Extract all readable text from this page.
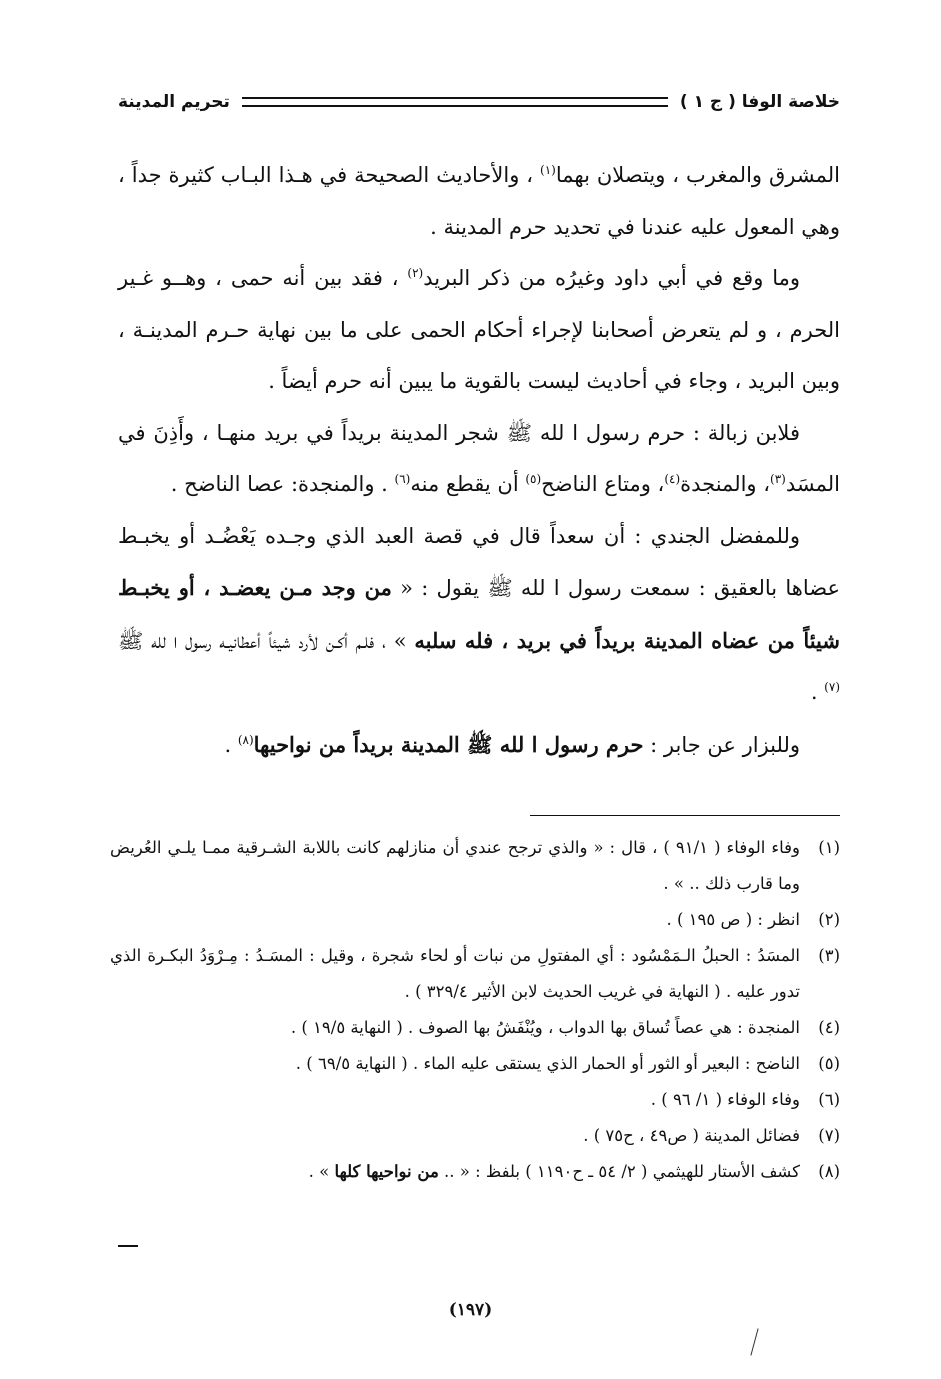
خلاصة الوفا ( ج ١ )
تحريم المدينة

المشرق والمغرب ، ويتصلان بهما$^{(١)}$ ، والأحاديث الصحيحة في هـذا البـاب كثيرة جداً ، وهي المعول عليه عندنا في تحديد حرم المدينة .

وما وقع في أبي داود وغيرُه من ذكر البريد$^{(٢)}$ ، فقد بين أنه حمى ، وهــو غـير الحرم ، و لم يتعرض أصحابنا لإجراء أحكام الحمى على ما بين نهاية حـرم المدينـة ، وبين البريد ، وجاء في أحاديث ليست بالقوية ما يبين أنه حرم أيضاً .

فلابن زبالة : حرم رسول ا لله ﷺ شجر المدينة بريداً في بريد منهـا ، وأَذِنَ في المسَد$^{(٣)}$، والمنجدة$^{(٤)}$، ومتاع الناضح$^{(٥)}$ أن يقطع منه$^{(٦)}$ . والمنجدة: عصا الناضح .

وللمفضل الجندي : أن سعداً قال في قصة العبد الذي وجـده يَعْضُـد أو يخبـط عضاها بالعقيق : سمعت رسول ا لله ﷺ يقول : « من وجد مـن يعضـد ، أو يخبـط شيئاً من عضاه المدينة بريداً في بريد ، فله سلبه » ، فلـم أكـن لأرد شيئاً أعطانيـه رسول ا لله ﷺ $^{(٧)}$ .

وللبزار عن جابر : حرم رسول ا لله ﷺ المدينة بريداً من نواحيها$^{(٨)}$ .

(١)
وفاء الوفاء ( ٩١/١ ) ، قال : « والذي ترجح عندي أن منازلهم كانت باللابة الشـرقية ممـا يلـي العُريض وما قارب ذلك .. » .
(٢)
انظر : ( ص ١٩٥ ) .
(٣)
المسَدُ : الحبلُ الـمَمْسُود : أي المفتولِ من نبات أو لحاء شجرة ، وقيل : المسَـدُ : مِـرْوَدُ البكـرة الذي تدور عليه . ( النهاية في غريب الحديث لابن الأثير ٣٢٩/٤ ) .
(٤)
المنجدة : هي عصاً تُساق بها الدواب ، ويُنْفَشُ بها الصوف . ( النهاية ١٩/٥ ) .
(٥)
الناضح : البعير أو الثور أو الحمار الذي يستقى عليه الماء . ( النهاية ٦٩/٥ ) .
(٦)
وفاء الوفاء ( ١/ ٩٦ ) .
(٧)
فضائل المدينة ( ص٤٩ ، ح٧٥ ) .
(٨)
كشف الأستار للهيثمي ( ٢/ ٥٤ ـ ح١١٩٠ ) بلفظ : « .. من نواحيها كلها » .
(١٩٧)
